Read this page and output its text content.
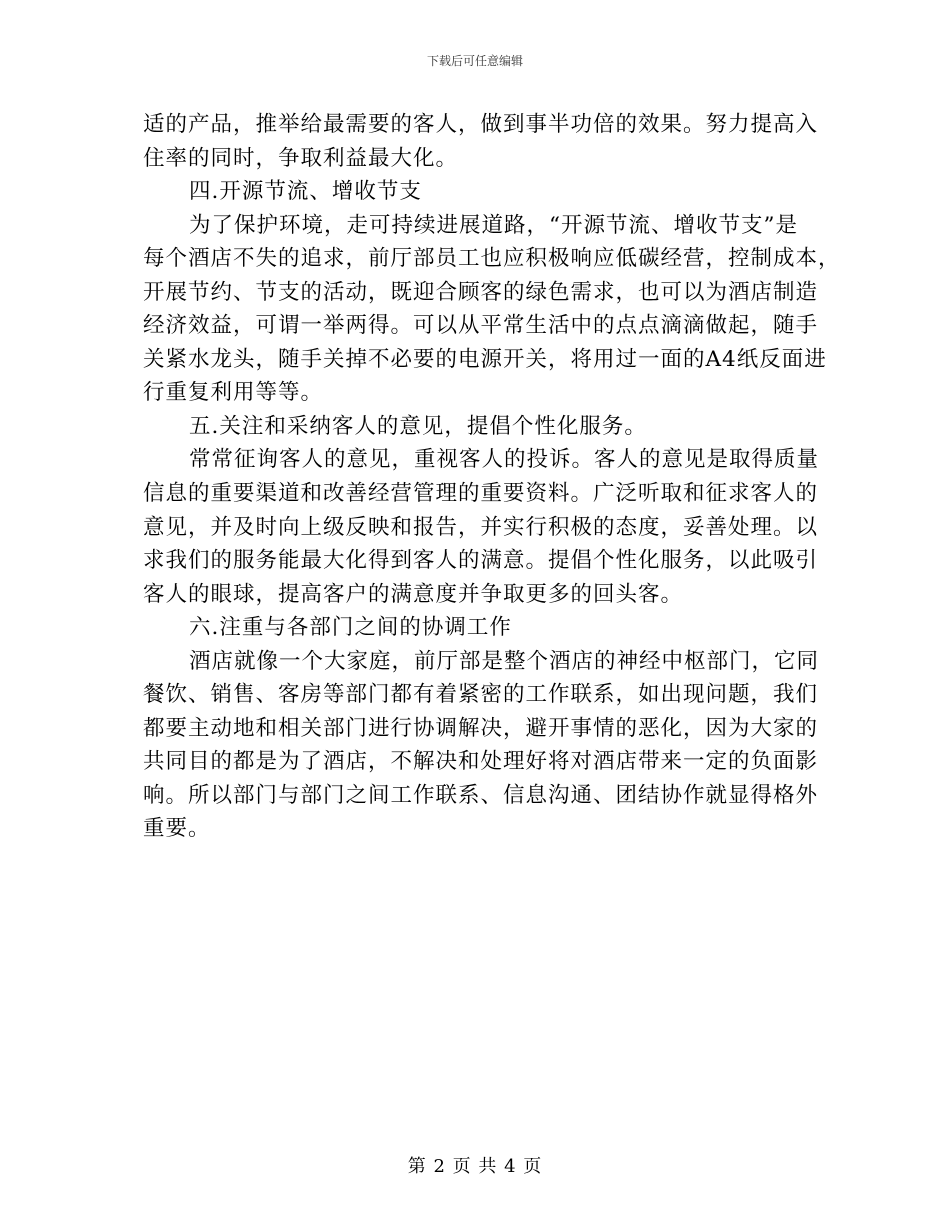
下载后可任意编辑
适的产品，推举给最需要的客人，做到事半功倍的效果。努力提高入
住率的同时，争取利益最大化。
四.开源节流、增收节支
为了保护环境，走可持续进展道路，“开源节流、增收节支”是
每个酒店不失的追求，前厅部员工也应积极响应低碳经营，控制成本，
开展节约、节支的活动，既迎合顾客的绿色需求，也可以为酒店制造
经济效益，可谓一举两得。可以从平常生活中的点点滴滴做起，随手
关紧水龙头，随手关掉不必要的电源开关，将用过一面的A4纸反面进
行重复利用等等。
五.关注和采纳客人的意见，提倡个性化服务。
常常征询客人的意见，重视客人的投诉。客人的意见是取得质量
信息的重要渠道和改善经营管理的重要资料。广泛听取和征求客人的
意见，并及时向上级反映和报告，并实行积极的态度，妥善处理。以
求我们的服务能最大化得到客人的满意。提倡个性化服务，以此吸引
客人的眼球，提高客户的满意度并争取更多的回头客。
六.注重与各部门之间的协调工作
酒店就像一个大家庭，前厅部是整个酒店的神经中枢部门，它同
餐饮、销售、客房等部门都有着紧密的工作联系，如出现问题，我们
都要主动地和相关部门进行协调解决，避开事情的恶化，因为大家的
共同目的都是为了酒店，不解决和处理好将对酒店带来一定的负面影
响。所以部门与部门之间工作联系、信息沟通、团结协作就显得格外
重要。
第 2 页 共 4 页
